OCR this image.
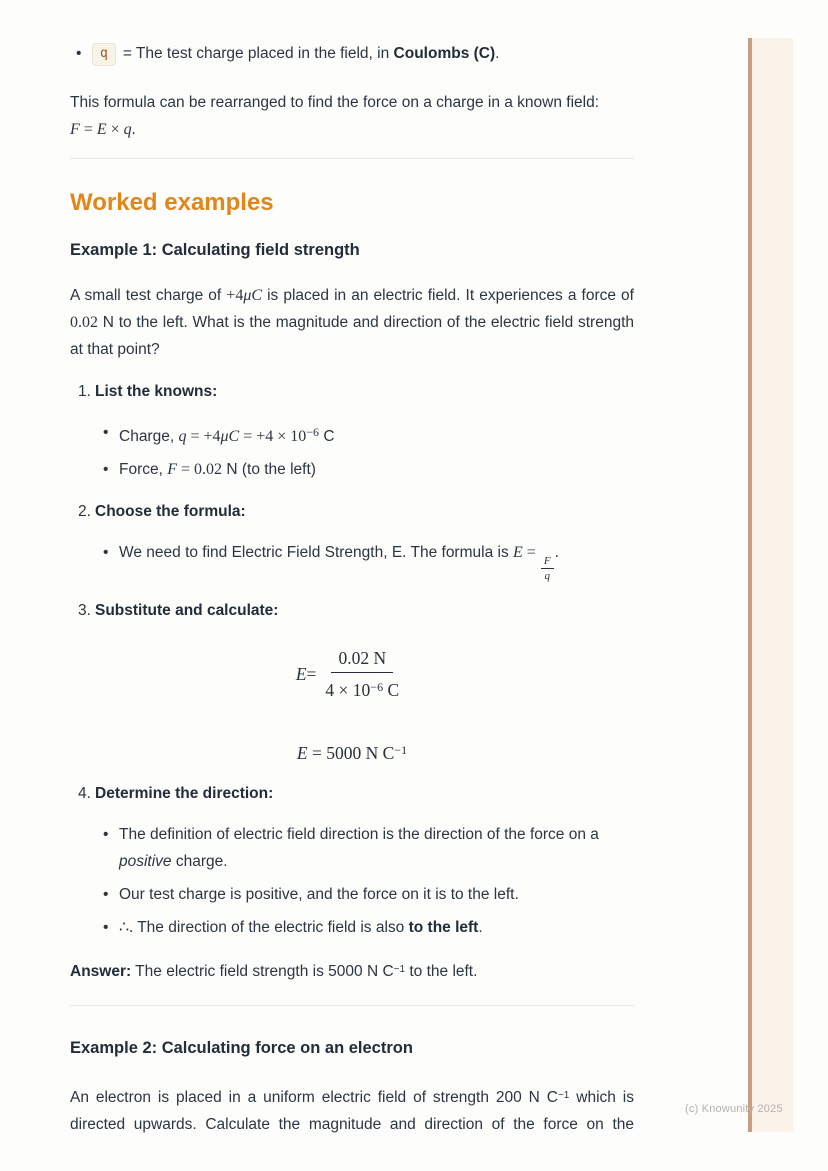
(c) Knowunity 2025
•	q = The test charge placed in the field, in Coulombs (C).

This formula can be rearranged to find the force on a charge in a known field:
F = E × q.

Worked examples
Example 1: Calculating field strength

A small test charge of +4μC is placed in an electric field. It experiences a force of 0.02 N to the left. What is the magnitude and direction of the electric field strength at that point?

1. List the knowns:
• Charge, $q = +4\mu C = +4 \times 10^{-6}$ C
• Force, F = 0.02 N (to the left)
2. Choose the formula:
• We need to find Electric Field Strength, E. The formula is E =
$\frac{F}{q}$
.
3. Substitute and calculate:
$E = \frac{0.02 N}{4 \times 10^{-6} C}$
E = 5000 N $C^{-1}$
4. Determine the direction:
• The definition of electric field direction is the direction of the force on a positive charge.
• Our test charge is positive, and the force on it is to the left.
• ∴. The direction of the electric field is also to the left.

Answer: The electric field strength is 5000 N $C^{-1}$ to the left.

Example 2: Calculating force on an electron

An electron is placed in a uniform electric field of strength 200 N $C^{-1}$ which is directed upwards. Calculate the magnitude and direction of the force on the
